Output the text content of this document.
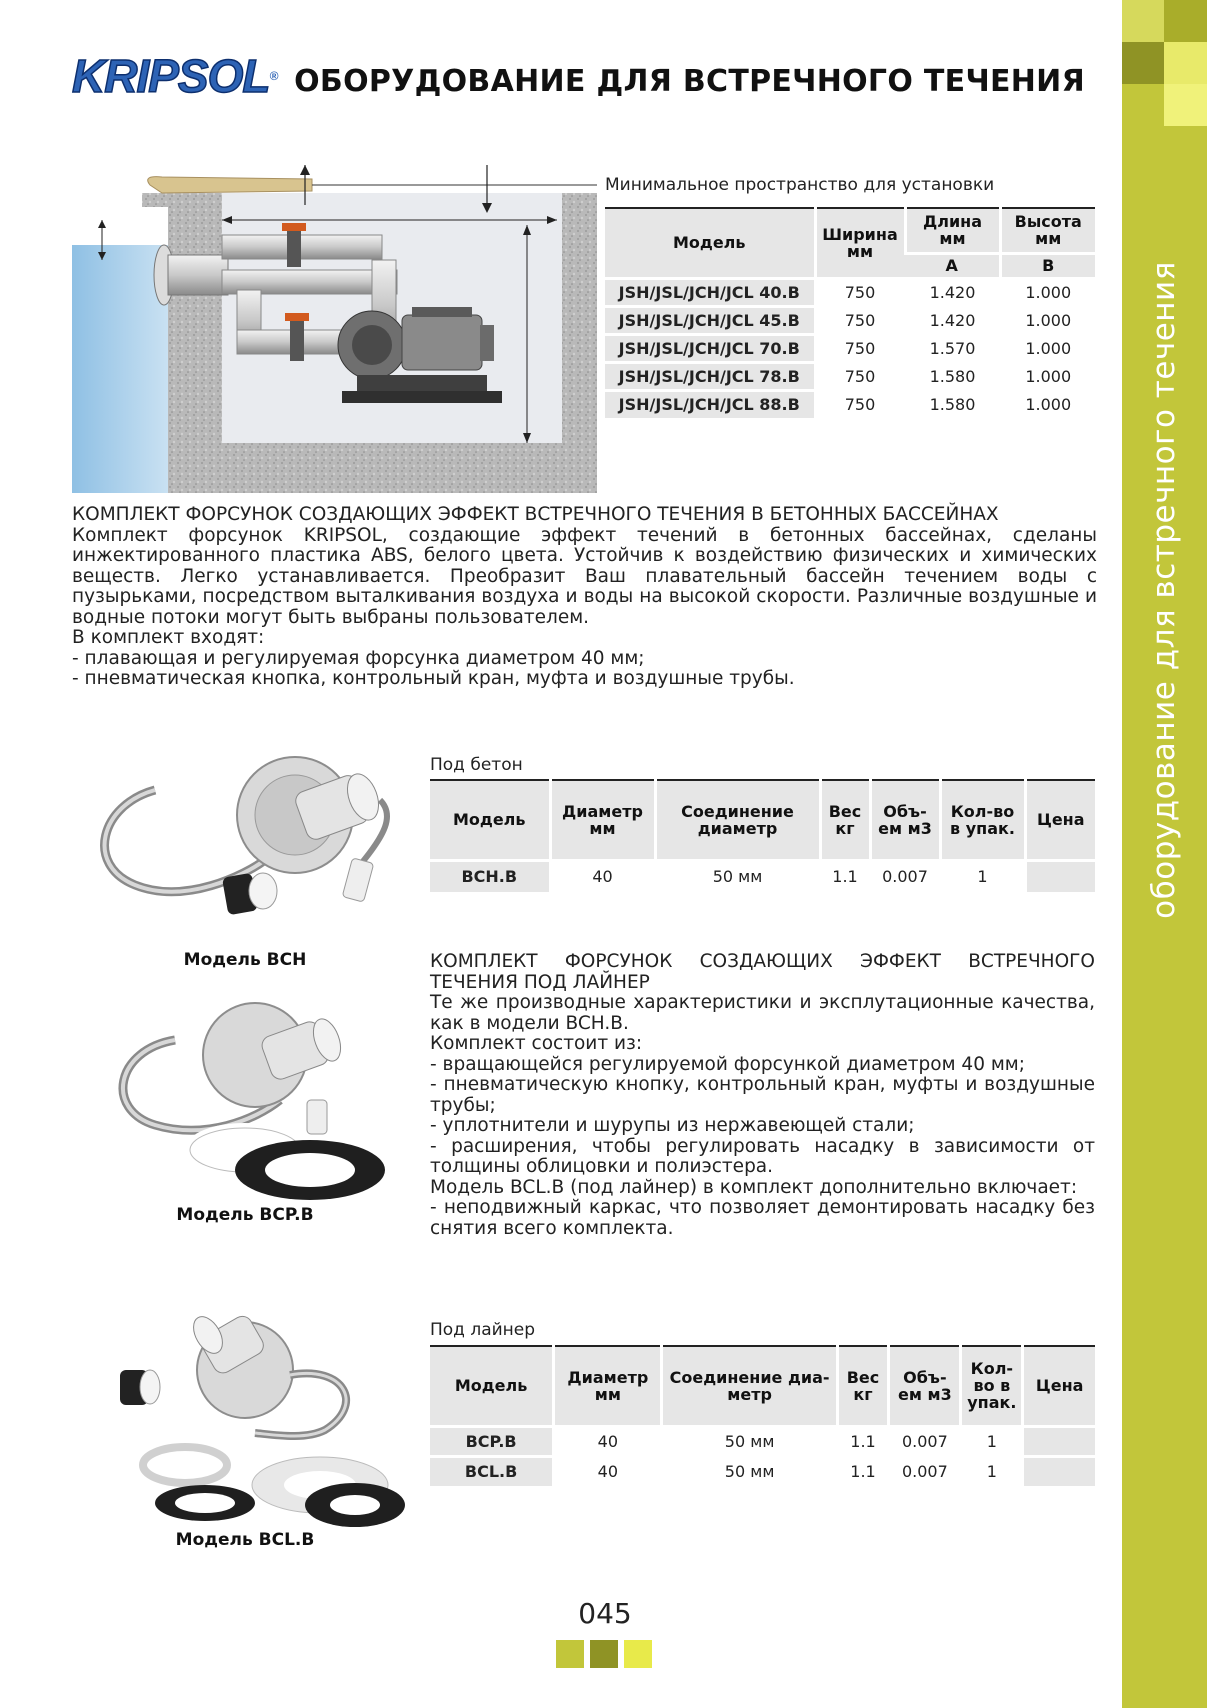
оборудование для встречного течения
KRIPSOL® ОБОРУДОВАНИЕ ДЛЯ ВСТРЕЧНОГО ТЕЧЕНИЯ
Минимальное пространство для установки
Модель	Ширина мм	Длина мм	Высота мм
		A	B
JSH/JSL/JCH/JCL 40.B	750	1.420	1.000
JSH/JSL/JCH/JCL 45.B	750	1.420	1.000
JSH/JSL/JCH/JCL 70.B	750	1.570	1.000
JSH/JSL/JCH/JCL 78.B	750	1.580	1.000
JSH/JSL/JCH/JCL 88.B	750	1.580	1.000

КОМПЛЕКТ ФОРСУНОК СОЗДАЮЩИХ ЭФФЕКТ ВСТРЕЧНОГО ТЕЧЕНИЯ В БЕТОННЫХ БАССЕЙНАХ

Комплект форсунок KRIPSOL, создающие эффект течений в бетонных бассейнах, сделаны инжектированного пластика ABS, белого цвета. Устойчив к воздействию физических и химических веществ. Легко устанавливается. Преобразит Ваш плавательный бассейн течением воды с пузырьками, посредством выталкивания воздуха и воды на высокой скорости. Различные воздушные и водные потоки могут быть выбраны пользователем.

В комплект входят:

- плавающая и регулируемая форсунка диаметром 40 мм;

- пневматическая кнопка, контрольный кран, муфта и воздушные трубы.

Под бетон
Модель	Диаметр мм	Соединение диаметр	Вес кг	Объ-ем м3	Кол-во в упак.	Цена
BCH.B	40	50 мм	1.1	0.007	1	

КОМПЛЕКТ ФОРСУНОК СОЗДАЮЩИХ ЭФФЕКТ ВСТРЕЧНОГО ТЕЧЕНИЯ ПОД ЛАЙНЕР

Те же производные характеристики и эксплутационные качества, как в модели BCH.B.

Комплект состоит из:

- вращающейся регулируемой форсункой диаметром 40 мм;

- пневматическую кнопку, контрольный кран, муфты и воздушные трубы;

- уплотнители и шурупы из нержавеющей стали;

- расширения, чтобы регулировать насадку в зависимости от толщины облицовки и полиэстера.

Модель BCL.B (под лайнер) в комплект дополнительно включает:

- неподвижный каркас, что позволяет демонтировать насадку без снятия всего комплекта.

Под лайнер
Модель	Диаметр мм	Соединение диа-метр	Вес кг	Объ-ем м3	Кол-во в упак.	Цена
BCP.B	40	50 мм	1.1	0.007	1	
BCL.B	40	50 мм	1.1	0.007	1	
Модель BCH
Модель BCP.B
Модель BCL.B
045
